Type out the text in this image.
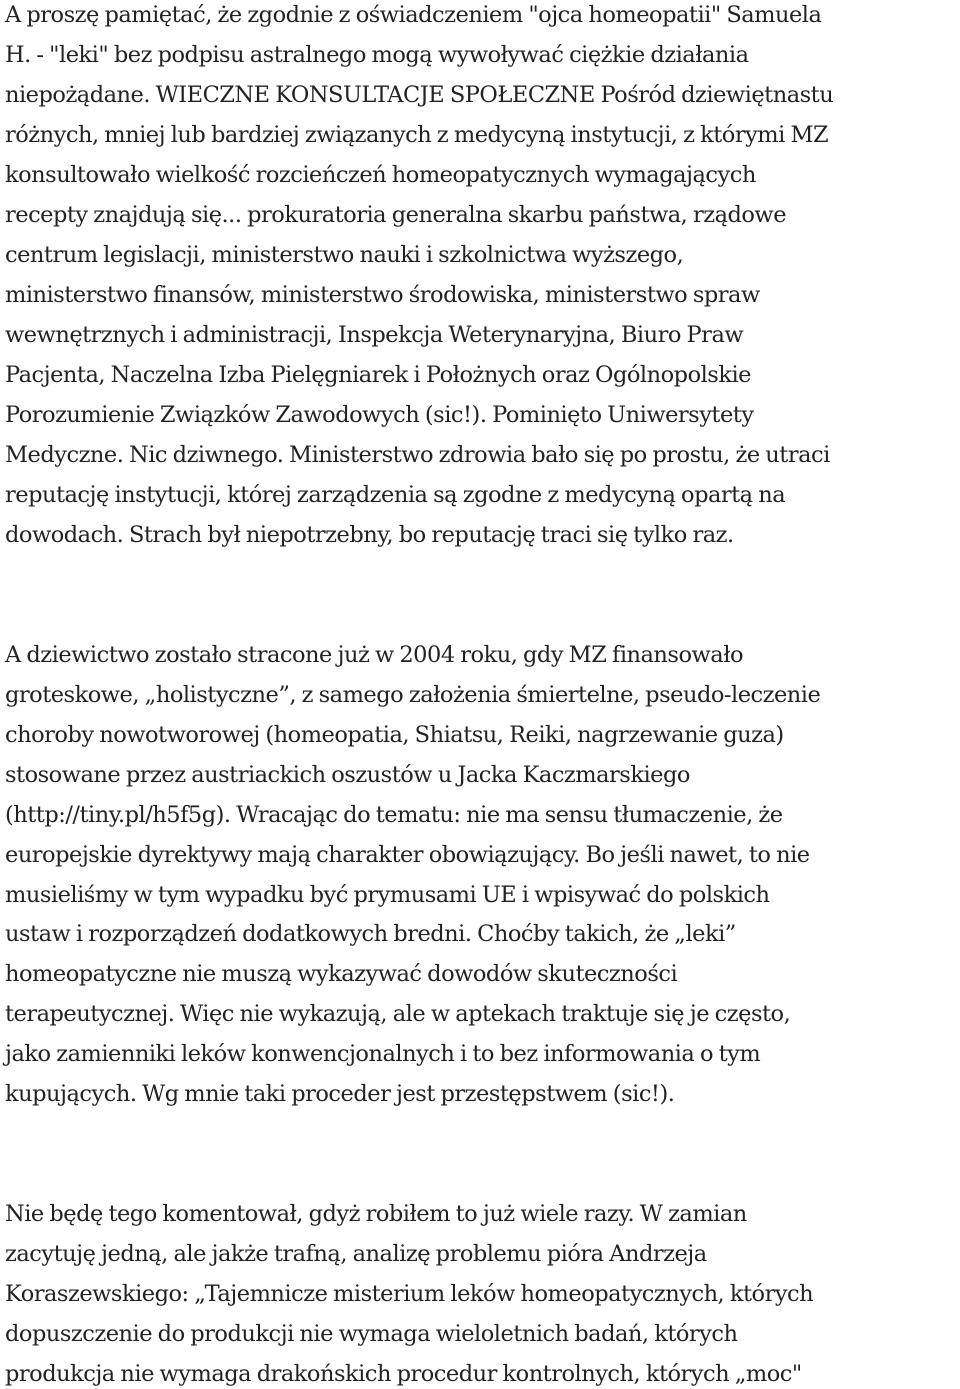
A proszę pamiętać, że zgodnie z oświadczeniem "ojca homeopatii" Samuela
H. - "leki" bez podpisu astralnego mogą wywoływać ciężkie działania
niepożądane. WIECZNE KONSULTACJE SPOŁECZNE Pośród dziewiętnastu
różnych, mniej lub bardziej związanych z medycyną instytucji, z którymi MZ
konsultowało wielkość rozcieńczeń homeopatycznych wymagających
recepty znajdują się... prokuratoria generalna skarbu państwa, rządowe
centrum legislacji, ministerstwo nauki i szkolnictwa wyższego,
ministerstwo finansów, ministerstwo środowiska, ministerstwo spraw
wewnętrznych i administracji, Inspekcja Weterynaryjna, Biuro Praw
Pacjenta, Naczelna Izba Pielęgniarek i Położnych oraz Ogólnopolskie
Porozumienie Związków Zawodowych (sic!). Pominięto Uniwersytety
Medyczne. Nic dziwnego. Ministerstwo zdrowia bało się po prostu, że utraci
reputację instytucji, której zarządzenia są zgodne z medycyną opartą na
dowodach. Strach był niepotrzebny, bo reputację traci się tylko raz.
A dziewictwo zostało stracone już w 2004 roku, gdy MZ finansowało
groteskowe, „holistyczne”, z samego założenia śmiertelne, pseudo-leczenie
choroby nowotworowej (homeopatia, Shiatsu, Reiki, nagrzewanie guza)
stosowane przez austriackich oszustów u Jacka Kaczmarskiego
(http://tiny.pl/h5f5g). Wracając do tematu: nie ma sensu tłumaczenie, że
europejskie dyrektywy mają charakter obowiązujący. Bo jeśli nawet, to nie
musieliśmy w tym wypadku być prymusami UE i wpisywać do polskich
ustaw i rozporządzeń dodatkowych bredni. Choćby takich, że „leki”
homeopatyczne nie muszą wykazywać dowodów skuteczności
terapeutycznej. Więc nie wykazują, ale w aptekach traktuje się je często,
jako zamienniki leków konwencjonalnych i to bez informowania o tym
kupujących. Wg mnie taki proceder jest przestępstwem (sic!).
Nie będę tego komentował, gdyż robiłem to już wiele razy. W zamian
zacytuję jedną, ale jakże trafną, analizę problemu pióra Andrzeja
Koraszewskiego: „Tajemnicze misterium leków homeopatycznych, których
dopuszczenie do produkcji nie wymaga wieloletnich badań, których
produkcja nie wymaga drakońskich procedur kontrolnych, których „moc"
